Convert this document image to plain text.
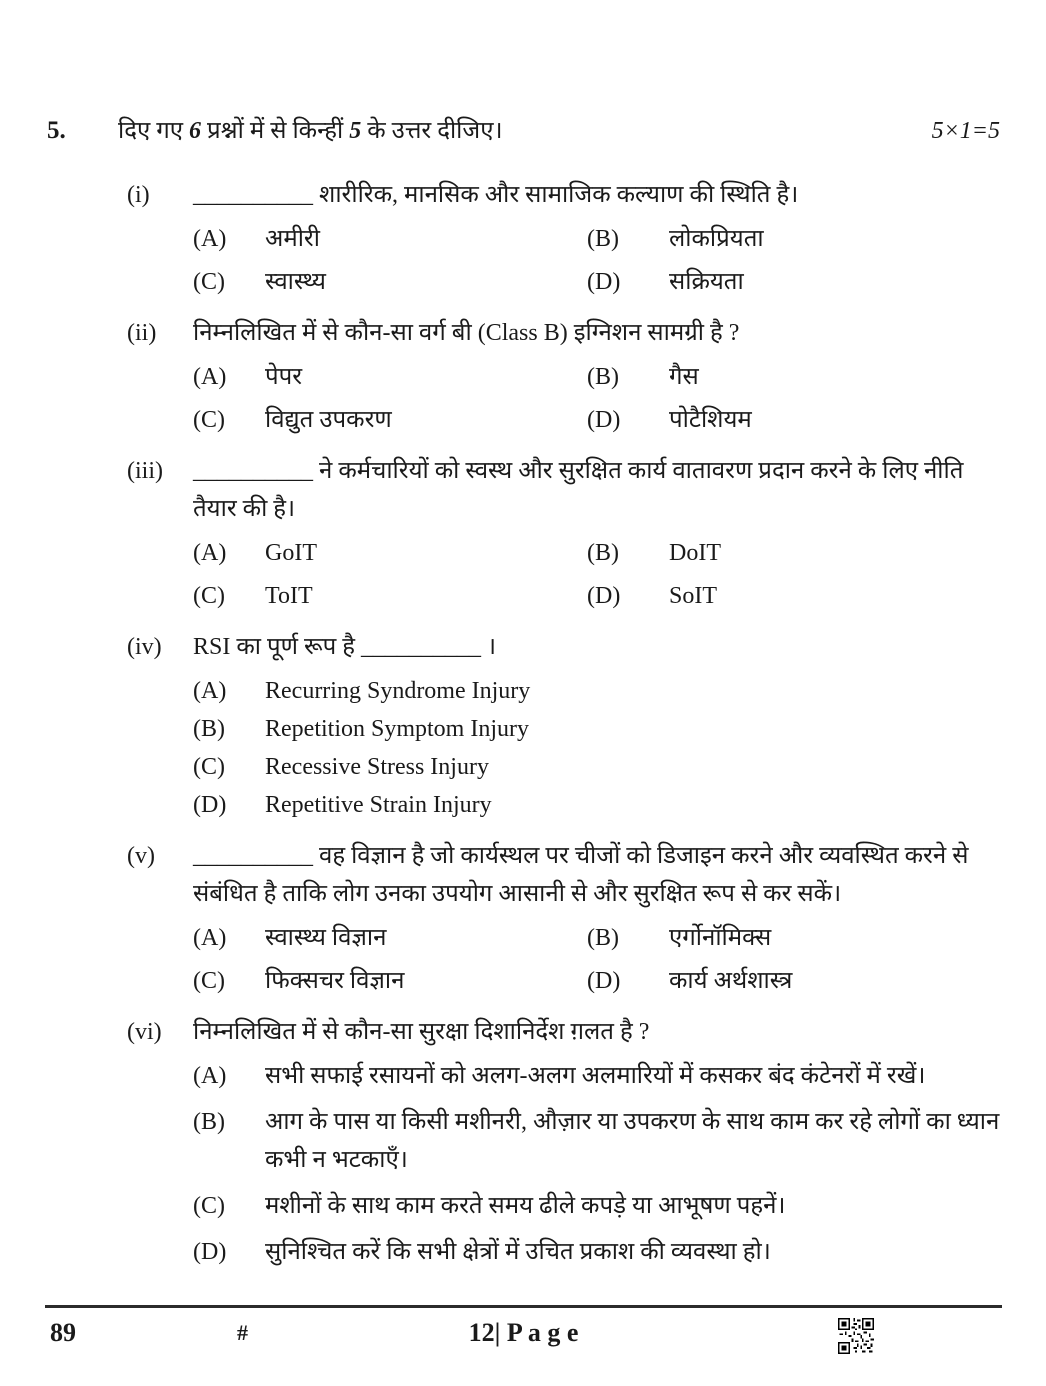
5.	दिए गए 6 प्रश्नों में से किन्हीं 5 के उत्तर दीजिए।	5×1=5
(i)	__________ शारीरिक, मानसिक और सामाजिक कल्याण की स्थिति है।
(A)	अमीरी	(B)	लोकप्रियता
(C)	स्वास्थ्य	(D)	सक्रियता
(ii)	निम्नलिखित में से कौन-सा वर्ग बी (Class B) इग्निशन सामग्री है ?
(A)	पेपर	(B)	गैस
(C)	विद्युत उपकरण	(D)	पोटैशियम
(iii)	__________ ने कर्मचारियों को स्वस्थ और सुरक्षित कार्य वातावरण प्रदान करने के लिए नीति तैयार की है।
(A)	GoIT	(B)	DoIT
(C)	ToIT	(D)	SoIT
(iv)	RSI का पूर्ण रूप है __________ ।
(A)	Recurring Syndrome Injury
(B)	Repetition Symptom Injury
(C)	Recessive Stress Injury
(D)	Repetitive Strain Injury
(v)	__________ वह विज्ञान है जो कार्यस्थल पर चीजों को डिजाइन करने और व्यवस्थित करने से संबंधित है ताकि लोग उनका उपयोग आसानी से और सुरक्षित रूप से कर सकें।
(A)	स्वास्थ्य विज्ञान	(B)	एर्गोनॉमिक्स
(C)	फिक्सचर विज्ञान	(D)	कार्य अर्थशास्त्र
(vi)	निम्नलिखित में से कौन-सा सुरक्षा दिशानिर्देश ग़लत है ?
(A)	सभी सफाई रसायनों को अलग-अलग अलमारियों में कसकर बंद कंटेनरों में रखें।
(B)	आग के पास या किसी मशीनरी, औज़ार या उपकरण के साथ काम कर रहे लोगों का ध्यान कभी न भटकाएँ।
(C)	मशीनों के साथ काम करते समय ढीले कपड़े या आभूषण पहनें।
(D)	सुनिश्चित करें कि सभी क्षेत्रों में उचित प्रकाश की व्यवस्था हो।
89	#	12| P a g e
